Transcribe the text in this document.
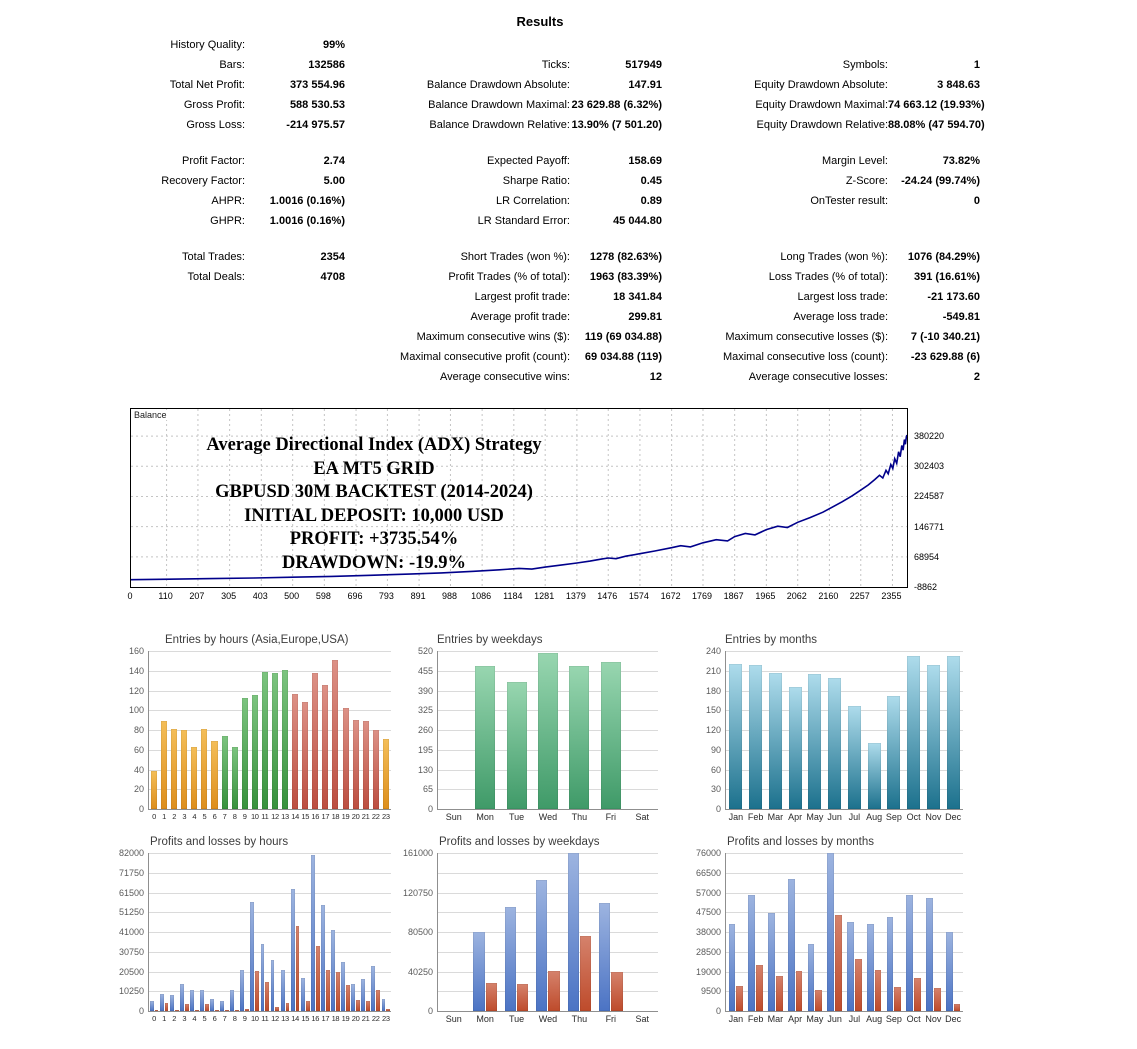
Results
History Quality:	99%
Bars:	132586	Ticks:	517949	Symbols:	1
Total Net Profit:	373 554.96	Balance Drawdown Absolute:	147.91	Equity Drawdown Absolute:	3 848.63
Gross Profit:	588 530.53	Balance Drawdown Maximal: 23 629.88 (6.32%)	Equity Drawdown Maximal: 74 663.12 (19.93%)
Gross Loss:	-214 975.57	Balance Drawdown Relative: 13.90% (7 501.20)	Equity Drawdown Relative: 88.08% (47 594.70)
Profit Factor:	2.74	Expected Payoff:	158.69	Margin Level:	73.82%
Recovery Factor:	5.00	Sharpe Ratio:	0.45	Z-Score:	-24.24 (99.74%)
AHPR:	1.0016 (0.16%)	LR Correlation:	0.89	OnTester result:	0
GHPR:	1.0016 (0.16%)	LR Standard Error:	45 044.80
Total Trades:	2354	Short Trades (won %):	1278 (82.63%)	Long Trades (won %):	1076 (84.29%)
Total Deals:	4708	Profit Trades (% of total):	1963 (83.39%)	Loss Trades (% of total):	391 (16.61%)
Largest profit trade:	18 341.84	Largest loss trade:	-21 173.60
Average profit trade:	299.81	Average loss trade:	-549.81
Maximum consecutive wins ($):	119 (69 034.88)	Maximum consecutive losses ($):	7 (-10 340.21)
Maximal consecutive profit (count):	69 034.88 (119)	Maximal consecutive loss (count):	-23 629.88 (6)
Average consecutive wins:	12	Average consecutive losses:	2
Balance
Average Directional Index (ADX) Strategy
EA MT5 GRID
GBPUSD 30M BACKTEST (2014-2024)
INITIAL DEPOSIT: 10,000 USD
PROFIT: +3735.54%
DRAWDOWN: -19.9%
-8862
68954
146771
224587
302403
380220
0	110 207 305 403 500 598 696 793 891 988 1086 1184 1281 1379 1476 1574 1672 1769 1867 1965 2062 2160 2257 2355
Entries by hours (Asia,Europe,USA)
0
20
40
60
80
100
120
140
160
0 1 2 3 4 5 6 7 8 9 10 11 12 13 14 15 16 17 18 19 20 21 22 23
Entries by weekdays
0
65
130
195
260
325
390
455
520
Sun	Mon	Tue	Wed	Thu	Fri	Sat
Entries by months
0
30
60
90
120
150
180
210
240
Jan Feb Mar Apr May Jun Jul Aug Sep Oct Nov Dec
Profits and losses by hours
0
10250
20500
30750
41000
51250
61500
71750
82000
0 1 2 3 4 5 6 7 8 9 10 11 12 13 14 15 16 17 18 19 20 21 22 23
Profits and losses by weekdays
0
40250
80500
120750
161000
Sun	Mon	Tue	Wed	Thu	Fri	Sat
Profits and losses by months
0
9500
19000
28500
38000
47500
57000
66500
76000
Jan Feb Mar Apr May Jun Jul Aug Sep Oct Nov Dec
